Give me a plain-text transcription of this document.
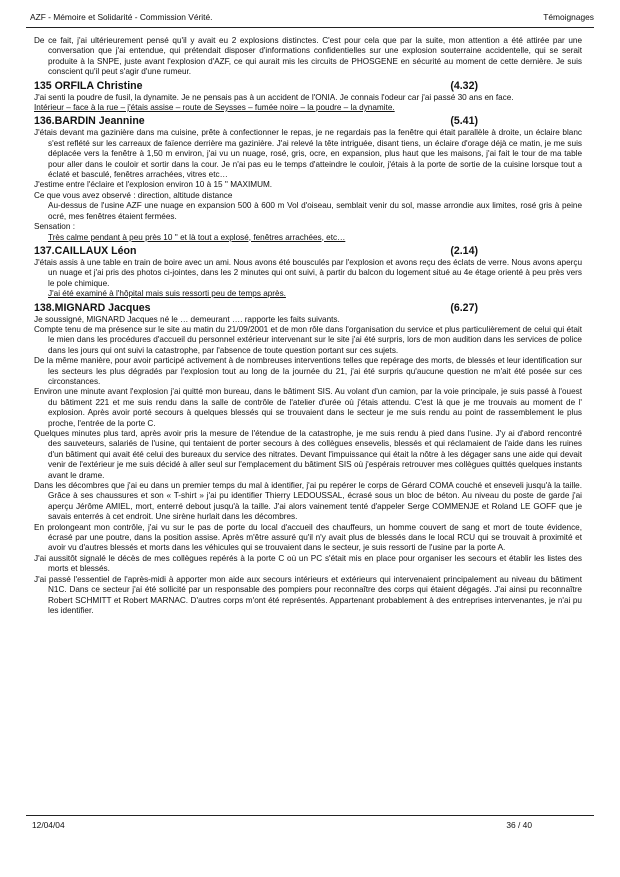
AZF - Mémoire et Solidarité - Commission Vérité.	Témoignages

De ce fait, j'ai ultérieurement pensé qu'il y avait eu 2 explosions distinctes. C'est pour cela que par la suite, mon attention a été attirée par une conversation que j'ai entendue, qui prétendait disposer d'informations confidentielles sur une explosion souterraine accidentelle, qui se serait produite à la SNPE, juste avant l'explosion d'AZF, ce qui aurait mis les circuits de PHOSGENE en sécurité au moment de cette dernière. Je suis conscient qu'il peut s'agir d'une rumeur.

135 ORFILA Christine	(4.32)

J'ai senti la poudre de fusil, la dynamite. Je ne pensais pas à un accident de l'ONIA. Je connais l'odeur car j'ai passé 30 ans en face.

Intérieur – face à la rue – j'étais assise – route de Seysses – fumée noire – la poudre – la dynamite.

136.BARDIN Jeannine	(5.41)

J'étais devant ma gazinière dans ma cuisine, prête à confectionner le repas, je ne regardais pas la fenêtre qui était parallèle à droite, un éclaire blanc s'est reflété sur les carreaux de faïence derrière ma gazinière. J'ai relevé la tête intriguée, disant tiens, un éclaire d'orage déjà ce matin, je me suis déplacée vers la fenêtre à 1,50 m environ, j'ai vu un nuage, rosé, gris, ocre, en expansion, plus haut que les maisons, j'ai fait le tour de ma table pour aller dans le couloir et sortir dans la cour. Je n'ai pas eu le temps d'atteindre le couloir, j'étais à la porte de sortie de la cuisine lorsque tout a éclaté et basculé, fenêtres arrachées, vitres etc…

J'estime entre l'éclaire et l'explosion environ 10 à 15 '' MAXIMUM.

Ce que vous avez observé : direction, altitude distance

Au-dessus de l'usine AZF une nuage en expansion 500 à 600 m Vol d'oiseau, semblait venir du sol, masse arrondie aux limites, rosé gris à peine ocré, mes fenêtres étaient fermées.

Sensation :

Très calme pendant à peu près 10 '' et là tout a explosé, fenêtres arrachées, etc…

137.CAILLAUX Léon	(2.14)

J'étais assis à une table en train de boire avec un ami. Nous avons été bousculés par l'explosion et avons reçu des éclats de verre. Nous avons aperçu un nuage et j'ai pris des photos ci-jointes, dans les 2 minutes qui ont suivi, à partir du balcon du logement situé au 4e étage orienté à peu près vers le pole chimique.

J'ai été examiné à l'hôpital mais suis ressorti peu de temps après.

138.MIGNARD Jacques	(6.27)

Je soussigné, MIGNARD Jacques né le … demeurant …. rapporte les faits suivants.

Compte tenu de ma présence sur le site au matin du 21/09/2001 et de mon rôle dans l'organisation du service et plus particulièrement de celui qui était le mien dans les procédures d'accueil du personnel extérieur intervenant sur le site j'ai été surpris, lors de mon audition dans les services de police dans les jours qui ont suivi la catastrophe, par l'absence de toute question portant sur ces sujets.

De la même manière, pour avoir participé activement à de nombreuses interventions telles que repérage des morts, de blessés et leur identification sur les secteurs les plus dégradés par l'explosion tout au long de la journée du 21, j'ai été surpris qu'aucune question ne m'ait été posée sur ces circonstances.

Environ une minute avant l'explosion j'ai quitté mon bureau, dans le bâtiment SIS. Au volant d'un camion, par la voie principale, je suis passé à l'ouest du bâtiment 221 et me suis rendu dans la salle de contrôle de l'atelier d'urée où j'étais attendu. C'est là que je me trouvais au moment de l' explosion. Après avoir porté secours à quelques blessés qui se trouvaient dans le secteur je me suis rendu au point de rassemblement le plus proche, l'entrée de la porte C.

Quelques minutes plus tard, après avoir pris la mesure de l'étendue de la catastrophe, je me suis rendu à pied dans l'usine. J'y ai d'abord rencontré des sauveteurs, salariés de l'usine, qui tentaient de porter secours à des collègues ensevelis, blessés et qui réclamaient de l'aide dans les ruines d'un bâtiment qui avait été celui des bureaux du service des nitrates. Devant l'impuissance qui était la nôtre à les dégager sans une aide qui devait venir de l'extérieur je me suis décidé à aller seul sur l'emplacement du bâtiment SIS où j'espérais retrouver mes collègues quittés quelques instants avant le drame.

Dans les décombres que j'ai eu dans un premier temps du mal à identifier, j'ai pu repérer le corps de Gérard COMA couché et enseveli jusqu'à la taille. Grâce à ses chaussures et son « T-shirt » j'ai pu identifier Thierry LEDOUSSAL, écrasé sous un bloc de béton. Au niveau du poste de garde j'ai aperçu Jérôme AMIEL, mort, enterré debout jusqu'à la taille. J'ai alors vainement tenté d'appeler Serge COMMENJE et Roland LE GOFF que je savais enterrés à cet endroit. Une sirène hurlait dans les décombres.

En prolongeant mon contrôle, j'ai vu sur le pas de porte du local d'accueil des chauffeurs, un homme couvert de sang et mort de toute évidence, écrasé par une poutre, dans la position assise. Après m'être assuré qu'il n'y avait plus de blessés dans le local RCU qui se trouvait à proximité et avoir vu d'autres blessés et morts dans les véhicules qui se trouvaient dans le secteur, je suis ressorti de l'usine par la porte A.

J'ai aussitôt signalé le décès de mes collègues repérés à la porte C où un PC s'était mis en place pour organiser les secours et établir les listes des morts et blessés.

J'ai passé l'essentiel de l'après-midi à apporter mon aide aux secours intérieurs et extérieurs qui intervenaient principalement au niveau du bâtiment N1C. Dans ce secteur j'ai été sollicité par un responsable des pompiers pour reconnaître des corps qui étaient dégagés. J'ai ainsi pu reconnaître Robert SCHMITT et Robert MARNAC. D'autres corps m'ont été représentés. Appartenant probablement à des entreprises intervenantes, je n'ai pu les identifier.

12/04/04	36 / 40
